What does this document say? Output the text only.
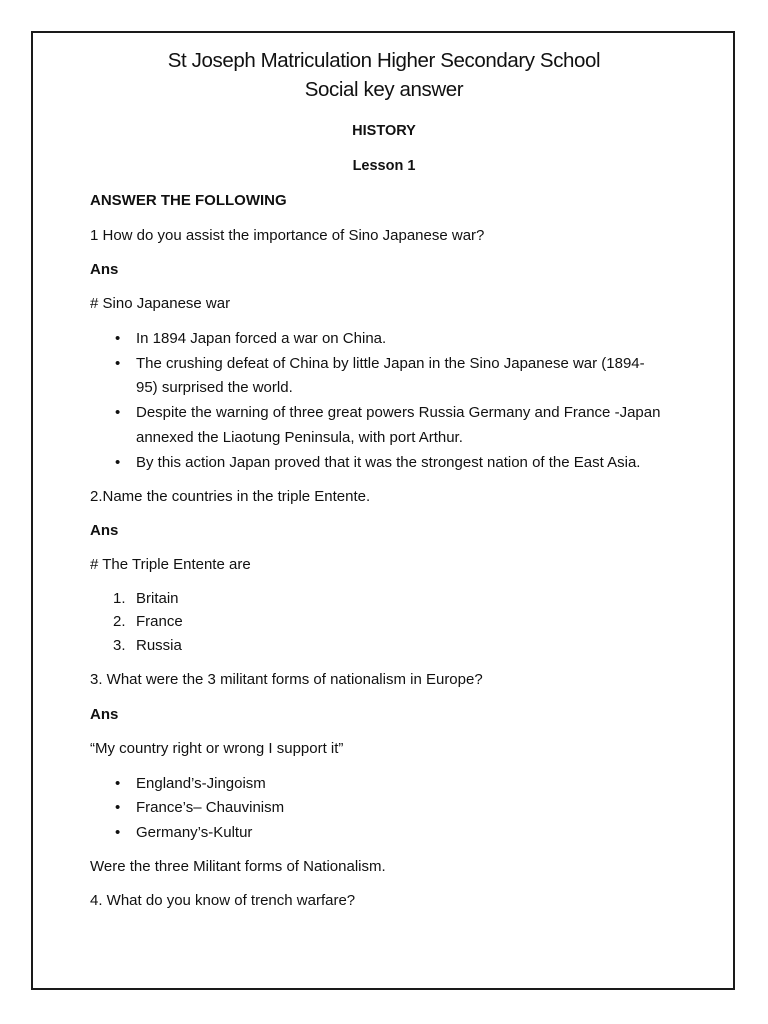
St Joseph Matriculation Higher Secondary School
Social key answer
HISTORY
Lesson 1
ANSWER THE FOLLOWING
1 How do you assist the importance of Sino Japanese war?
Ans
# Sino Japanese war
• In 1894 Japan forced a war on China.
• The crushing defeat of China by little Japan in the Sino Japanese war (1894-
95) surprised the world.
• Despite the warning of three great powers Russia Germany and France -Japan
annexed the Liaotung Peninsula, with port Arthur.
• By this action Japan proved that it was the strongest nation of the East Asia.
2.Name the countries in the triple Entente.
Ans
# The Triple Entente are
1. Britain
2. France
3. Russia
3. What were the 3 militant forms of nationalism in Europe?
Ans
“My country right or wrong I support it”
• England’s-Jingoism
• France’s– Chauvinism
• Germany’s-Kultur
Were the three Militant forms of Nationalism.
4. What do you know of trench warfare?
